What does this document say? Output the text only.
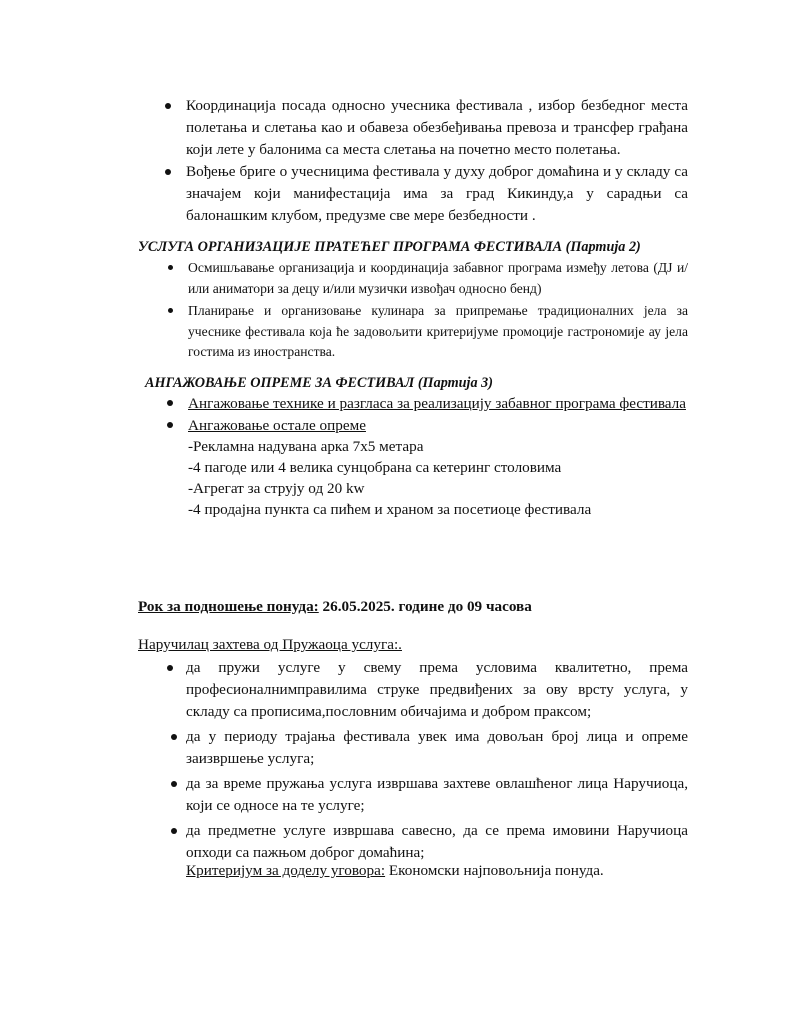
Координација посада односно учесника фестивала , избор безбедног места полетања и слетања као и обавеза обезбеђивања превоза и трансфер грађана који лете у балонима са места слетања на почетно место полетања.
Вођење бриге о учесницима фестивала у духу доброг домаћина и у складу са значајем који манифестација има за град Кикинду,а у сарадњи са балонашким клубом, предузме све мере безбедности .
УСЛУГА ОРГАНИЗАЦИЈЕ ПРАТЕЋЕГ ПРОГРАМА ФЕСТИВАЛА (Партија 2)
Осмишљавање организација и координација забавног програма између летова (ДЈ и/или аниматори за децу и/или музички извођач односно бенд)
Планирање и организовање кулинара за припремање традиционалних јела за учеснике фестивала која ће задовољити критеријуме промоције гастрономије ау јела гостима из иностранства.
АНГАЖОВАЊЕ ОПРЕМЕ ЗА ФЕСТИВАЛ (Партија 3)
Ангажовање технике и разгласа за реализацију забавног програма фестивала
Ангажовање остале опреме
-Рекламна надувана арка 7x5 метара
-4 пагоде или 4 велика сунцобрана са кетеринг столовима
-Агрегат за струју од 20 kw
-4 продајна пункта са пићем и храном за посетиоце фестивала
Рок за подношење понуда: 26.05.2025. године до 09 часова
Наручилац захтева од Пружаоца услуга:.
да пружи услуге у свему према условима квалитетно, према професионалнимправилима струке предвиђених за ову врсту услуга, у складу са прописима,пословним обичајима и добром праксом;
да у периоду трајања фестивала увек има довољан број лица и опреме заизвршење услуга;
да за време пружања услуга извршава захтеве овлашћеног лица Наручиоца, који се односе на те услуге;
да предметне услуге извршава савесно, да се према имовини Наручиоца опходи са пажњом доброг домаћина;
Критеријум за доделу уговора: Економски најповољнија понуда.
